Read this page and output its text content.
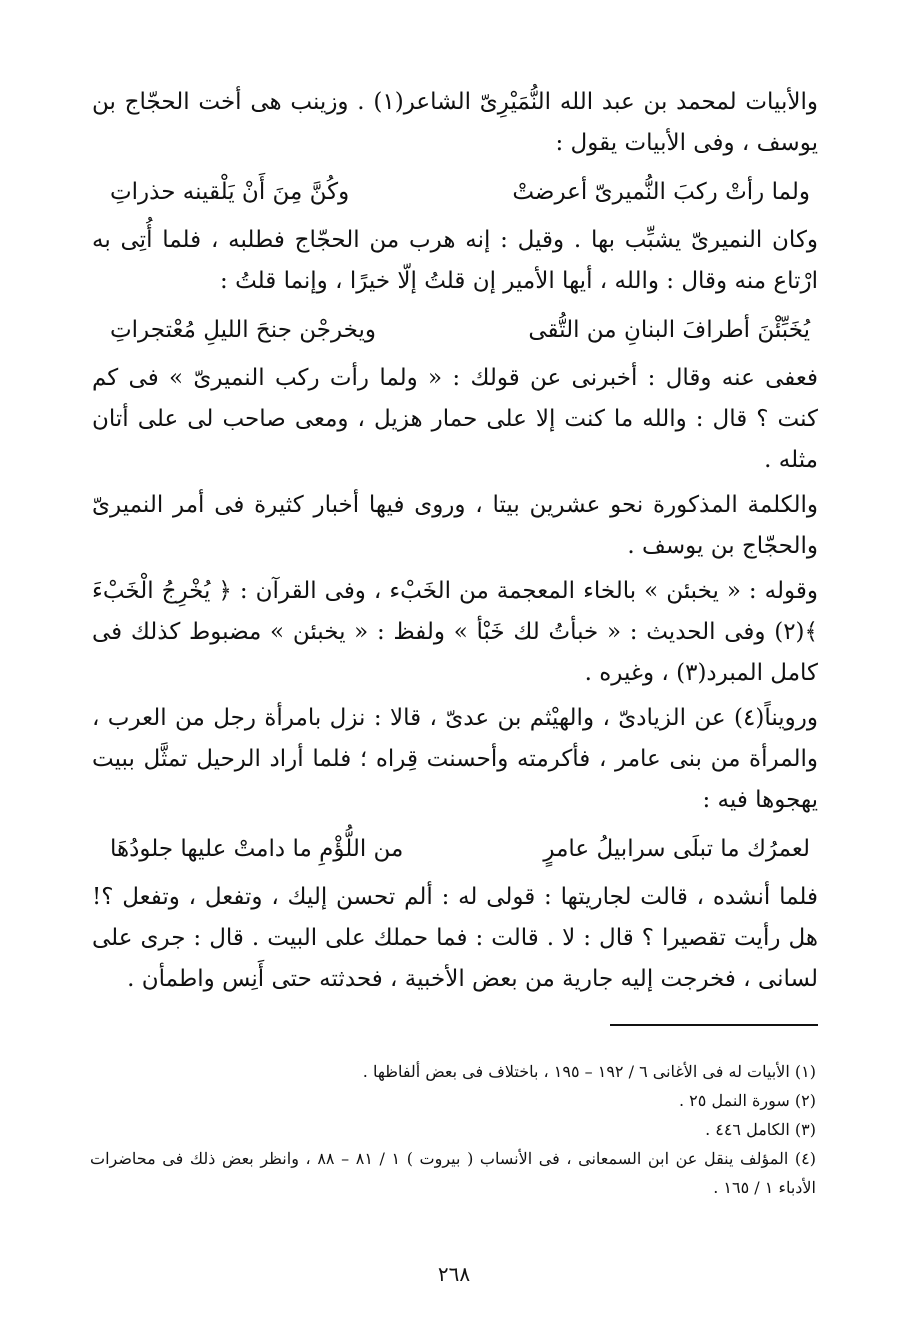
والأبيات لمحمد بن عبد الله النُّمَيْرِىّ الشاعر(١) . وزينب هى أخت الحجّاج بن يوسف ، وفى الأبيات يقول :

ولما رأتْ ركبَ النُّميرىّ أعرضتْ
وكُنَّ مِنَ أَنْ يَلْقينه حذراتِ

وكان النميرىّ يشبِّب بها . وقيل : إنه هرب من الحجّاج فطلبه ، فلما أُتِى به ارْتاع منه وقال : والله ، أيها الأمير إن قلتُ إلّا خيرًا ، وإنما قلتُ :

يُخَبِّئْنَ أطرافَ البنانِ من التُّقى
ويخرجْن جنحَ الليلِ مُعْتجراتِ

فعفى عنه وقال : أخبرنى عن قولك : « ولما رأت ركب النميرىّ » فى كم كنت ؟ قال : والله ما كنت إلا على حمار هزيل ، ومعى صاحب لى على أتان مثله .

والكلمة المذكورة نحو عشرين بيتا ، وروى فيها أخبار كثيرة فى أمر النميرىّ والحجّاج بن يوسف .

وقوله : « يخبئن » بالخاء المعجمة من الخَبْء ، وفى القرآن : ﴿ يُخْرِجُ الْخَبْءَ ﴾(٢) وفى الحديث : « خبأتُ لك خَبْأ » ولفظ : « يخبئن » مضبوط كذلك فى كامل المبرد(٣) ، وغيره .

ورويناً(٤) عن الزيادىّ ، والهيْثم بن عدىّ ، قالا : نزل بامرأة رجل من العرب ، والمرأة من بنى عامر ، فأكرمته وأحسنت قِراه ؛ فلما أراد الرحيل تمثَّل ببيت يهجوها فيه :

لعمرُك ما تبلَى سرابيلُ عامرٍ
من اللُّؤْمِ ما دامتْ عليها جلودُهَا

فلما أنشده ، قالت لجاريتها : قولى له : ألم تحسن إليك ، وتفعل ، وتفعل ؟! هل رأيت تقصيرا ؟ قال : لا . قالت : فما حملك على البيت . قال : جرى على لسانى ، فخرجت إليه جارية من بعض الأخبية ، فحدثته حتى أَنِس واطمأن .

(١) الأبيات له فى الأغانى ٦ / ١٩٢ – ١٩٥ ، باختلاف فى بعض ألفاظها .

(٢) سورة النمل ٢٥ .

(٣) الكامل ٤٤٦ .

(٤) المؤلف ينقل عن ابن السمعانى ، فى الأنساب ( بيروت ) ١ / ٨١ – ٨٨ ، وانظر بعض ذلك فى محاضرات الأدباء ١ / ١٦٥ .

٢٦٨
